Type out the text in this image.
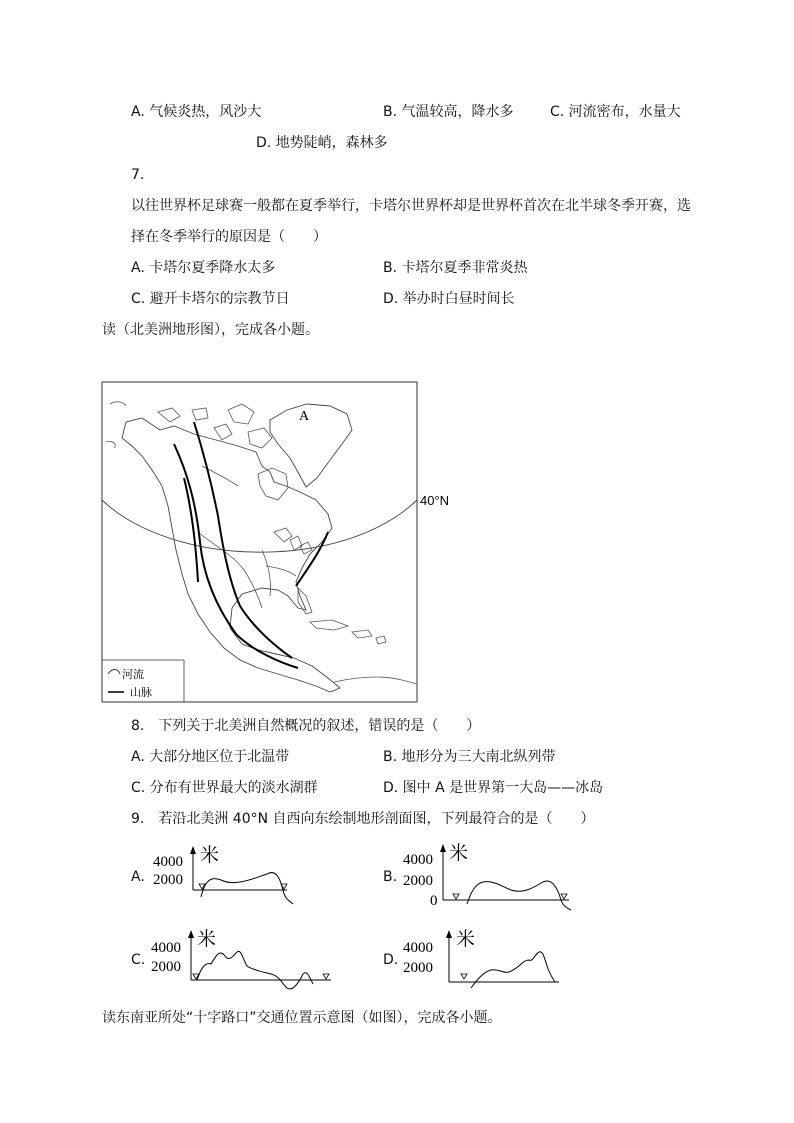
A. 气候炎热，风沙大	B. 气温较高，降水多	C. 河流密布，水量大
D. 地势陡峭，森林多
7.
以往世界杯足球赛一般都在夏季举行，卡塔尔世界杯却是世界杯首次在北半球冬季开赛，选
择在冬季举行的原因是（　　）
A. 卡塔尔夏季降水太多	B. 卡塔尔夏季非常炎热
C. 避开卡塔尔的宗教节日	D. 举办时白昼时间长
读（北美洲地形图），完成各小题。
A
40°N
河流
山脉
8.　下列关于北美洲自然概况的叙述，错误的是（　　）
A. 大部分地区位于北温带	B. 地形分为三大南北纵列带
C. 分布有世界最大的淡水湖群	D. 图中 A 是世界第一大岛——冰岛
9.　若沿北美洲 40°N 自西向东绘制地形剖面图，下列最符合的是（　　）
A.
4000
2000
米
B.
4000
2000
0
米
C.
4000
2000
米
D.
4000
2000
米
读东南亚所处“十字路口”交通位置示意图（如图），完成各小题。
